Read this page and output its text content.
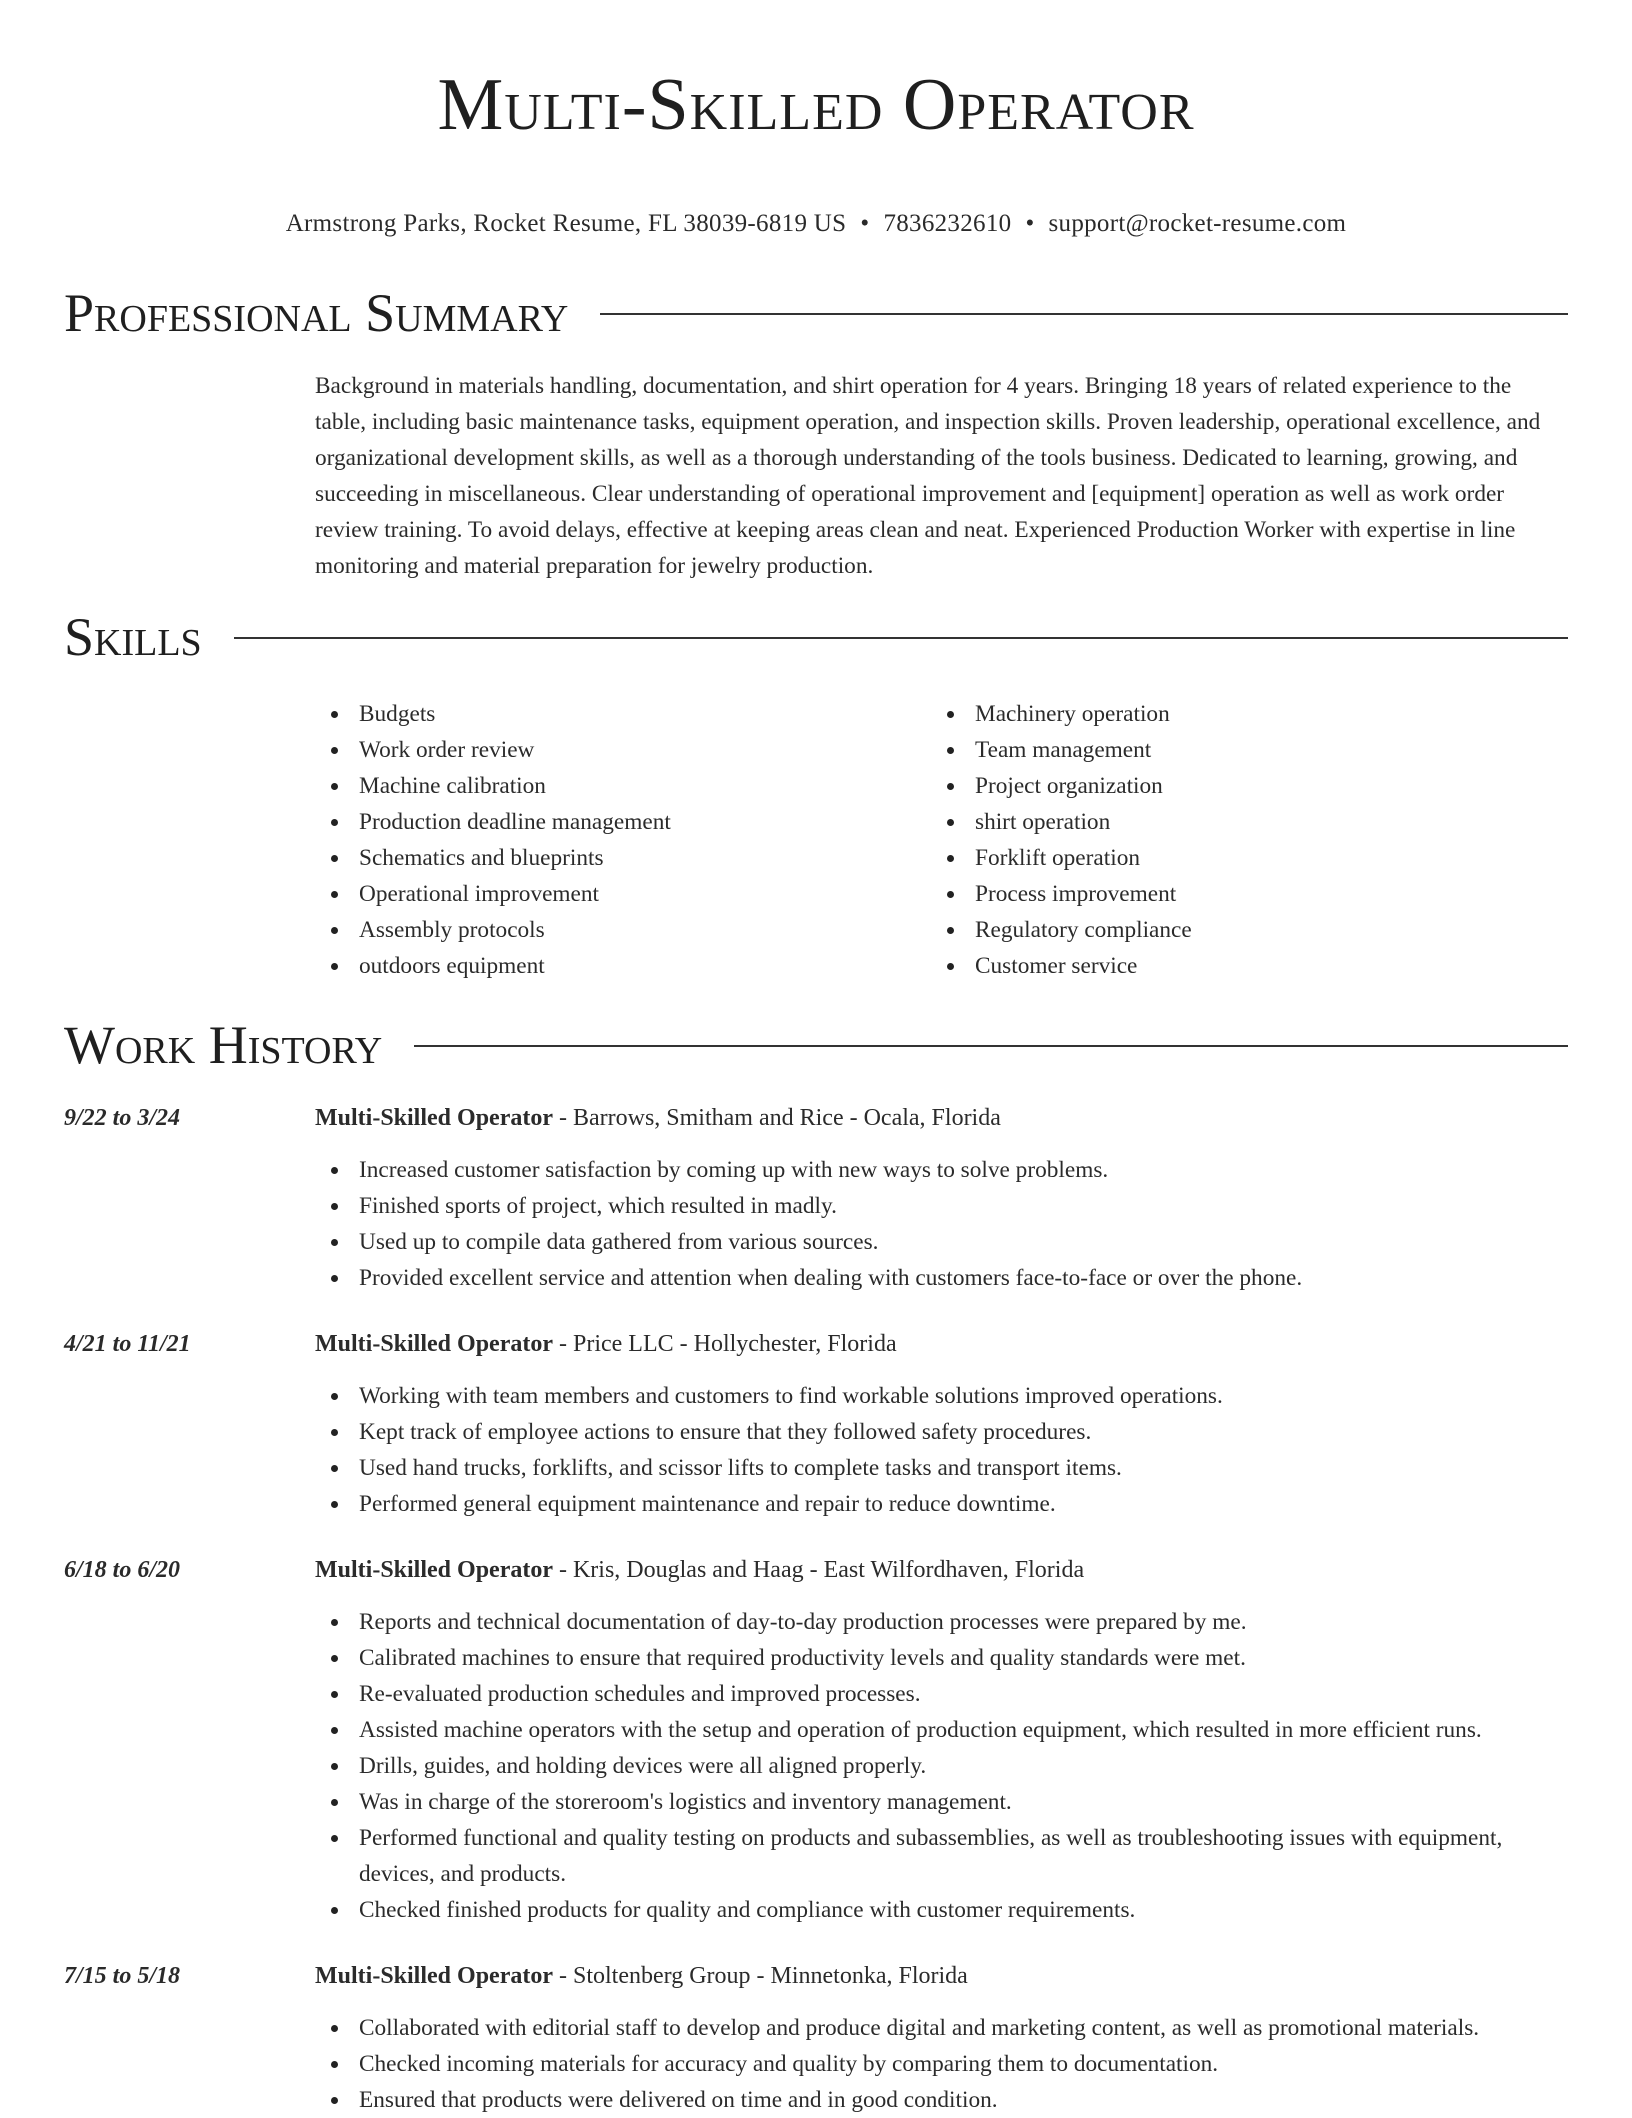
Multi-Skilled Operator
Armstrong Parks, Rocket Resume, FL 38039-6819 US • 7836232610 • support@rocket-resume.com
Professional Summary

Background in materials handling, documentation, and shirt operation for 4 years. Bringing 18 years of related experience to the table, including basic maintenance tasks, equipment operation, and inspection skills. Proven leadership, operational excellence, and organizational development skills, as well as a thorough understanding of the tools business. Dedicated to learning, growing, and succeeding in miscellaneous. Clear understanding of operational improvement and [equipment] operation as well as work order review training. To avoid delays, effective at keeping areas clean and neat. Experienced Production Worker with expertise in line monitoring and material preparation for jewelry production.

Skills
Budgets
Work order review
Machine calibration
Production deadline management
Schematics and blueprints
Operational improvement
Assembly protocols
outdoors equipment
Machinery operation
Team management
Project organization
shirt operation
Forklift operation
Process improvement
Regulatory compliance
Customer service
Work History
9/22 to 3/24	Multi-Skilled Operator - Barrows, Smitham and Rice - Ocala, Florida
Increased customer satisfaction by coming up with new ways to solve problems.
Finished sports of project, which resulted in madly.
Used up to compile data gathered from various sources.
Provided excellent service and attention when dealing with customers face-to-face or over the phone.
4/21 to 11/21	Multi-Skilled Operator - Price LLC - Hollychester, Florida
Working with team members and customers to find workable solutions improved operations.
Kept track of employee actions to ensure that they followed safety procedures.
Used hand trucks, forklifts, and scissor lifts to complete tasks and transport items.
Performed general equipment maintenance and repair to reduce downtime.
6/18 to 6/20	Multi-Skilled Operator - Kris, Douglas and Haag - East Wilfordhaven, Florida
Reports and technical documentation of day-to-day production processes were prepared by me.
Calibrated machines to ensure that required productivity levels and quality standards were met.
Re-evaluated production schedules and improved processes.
Assisted machine operators with the setup and operation of production equipment, which resulted in more efficient runs.
Drills, guides, and holding devices were all aligned properly.
Was in charge of the storeroom's logistics and inventory management.
Performed functional and quality testing on products and subassemblies, as well as troubleshooting issues with equipment, devices, and products.
Checked finished products for quality and compliance with customer requirements.
7/15 to 5/18	Multi-Skilled Operator - Stoltenberg Group - Minnetonka, Florida
Collaborated with editorial staff to develop and produce digital and marketing content, as well as promotional materials.
Checked incoming materials for accuracy and quality by comparing them to documentation.
Ensured that products were delivered on time and in good condition.
